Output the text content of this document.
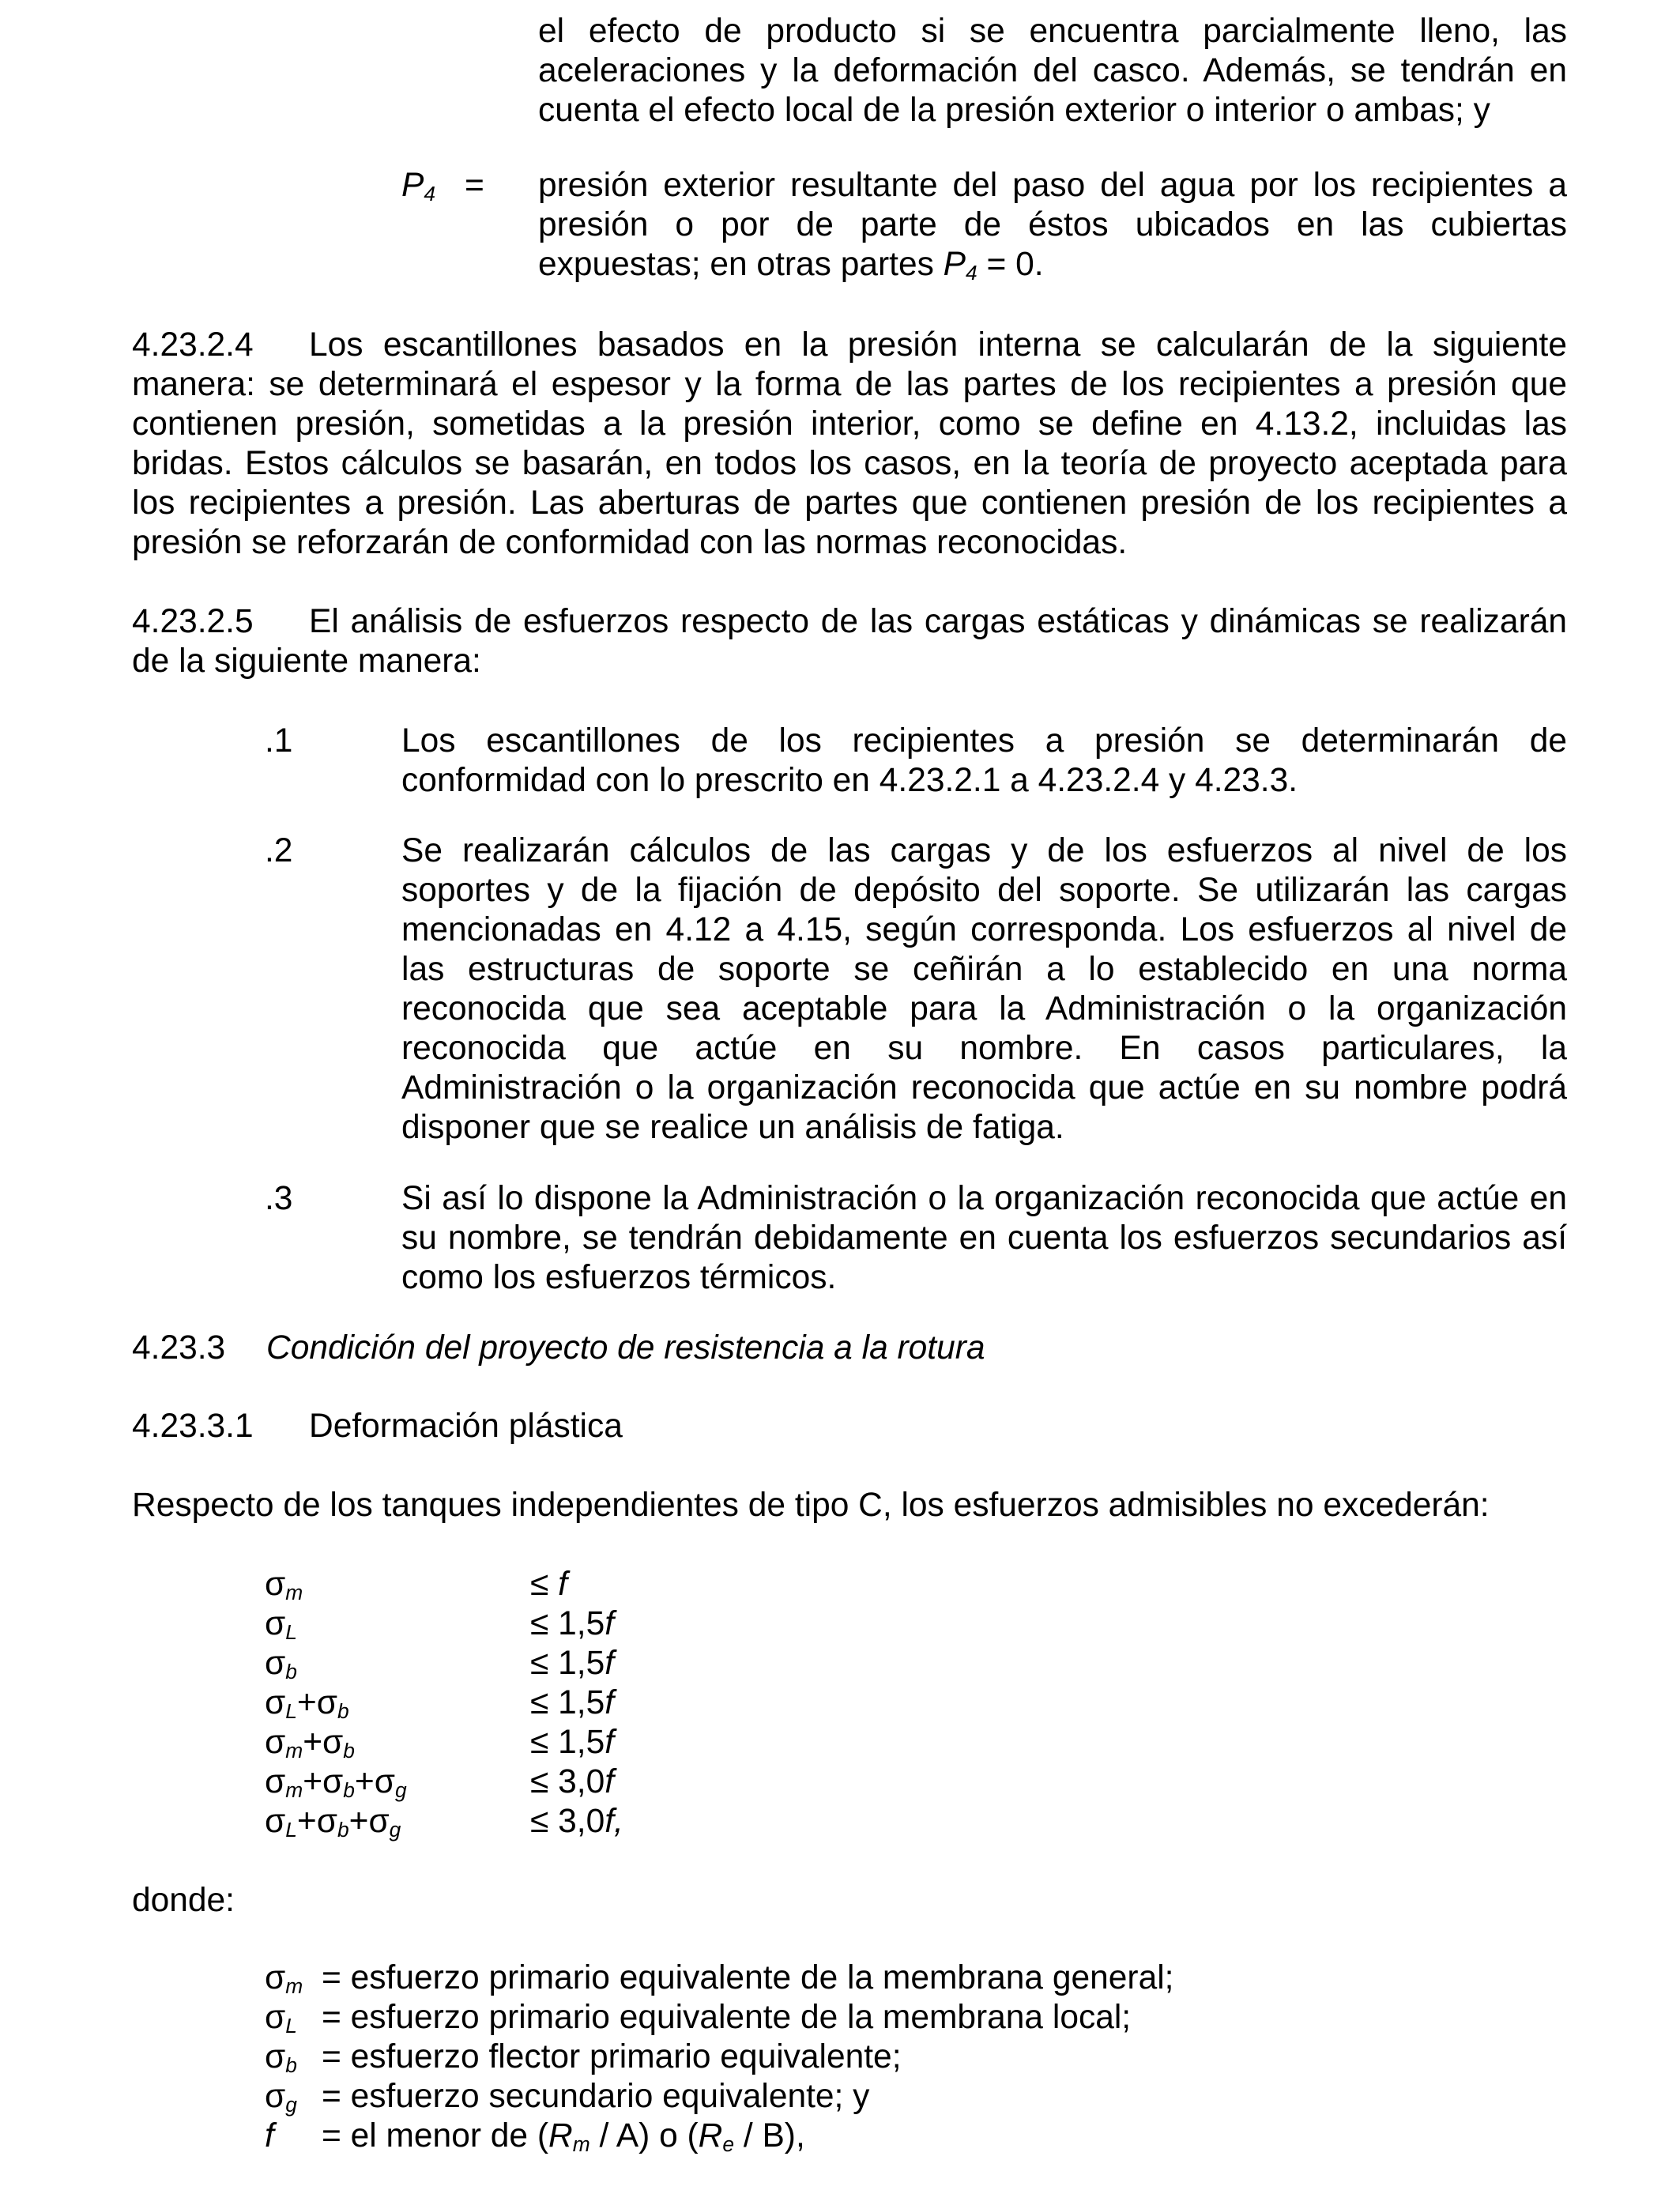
el efecto de producto si se encuentra parcialmente lleno, las
aceleraciones y la deformación del casco. Además, se tendrán en
cuenta el efecto local de la presión exterior o interior o ambas; y
$P_4$ = presión exterior resultante del paso del agua por los recipientes a
presión o por de parte de éstos ubicados en las cubiertas
expuestas; en otras partes $P_4 = 0$.
4.23.2.4 Los escantillones basados en la presión interna se calcularán de la siguiente
manera: se determinará el espesor y la forma de las partes de los recipientes a presión que
contienen presión, sometidas a la presión interior, como se define en 4.13.2, incluidas las
bridas. Estos cálculos se basarán, en todos los casos, en la teoría de proyecto aceptada para
los recipientes a presión. Las aberturas de partes que contienen presión de los recipientes a
presión se reforzarán de conformidad con las normas reconocidas.
4.23.2.5 El análisis de esfuerzos respecto de las cargas estáticas y dinámicas se realizarán
de la siguiente manera:
.1	Los escantillones de los recipientes a presión se determinarán de
conformidad con lo prescrito en 4.23.2.1 a 4.23.2.4 y 4.23.3.
.2	Se realizarán cálculos de las cargas y de los esfuerzos al nivel de los
soportes y de la fijación de depósito del soporte. Se utilizarán las cargas
mencionadas en 4.12 a 4.15, según corresponda. Los esfuerzos al nivel de
las estructuras de soporte se ceñirán a lo establecido en una norma
reconocida que sea aceptable para la Administración o la organización
reconocida que actúe en su nombre. En casos particulares, la
Administración o la organización reconocida que actúe en su nombre podrá
disponer que se realice un análisis de fatiga.
.3	Si así lo dispone la Administración o la organización reconocida que actúe en
su nombre, se tendrán debidamente en cuenta los esfuerzos secundarios así
como los esfuerzos térmicos.
4.23.3 Condición del proyecto de resistencia a la rotura
4.23.3.1 Deformación plástica
Respecto de los tanques independientes de tipo C, los esfuerzos admisibles no excederán:
$\sigma_m$	≤ f
$\sigma_L$	≤ 1,5f
$\sigma_b$	≤ 1,5f
$\sigma_L+\sigma_b$	≤ 1,5f
$\sigma_m+\sigma_b$	≤ 1,5f
$\sigma_m+\sigma_b+\sigma_g$	≤ 3,0f
$\sigma_L+\sigma_b+\sigma_g$	≤ 3,0f,
donde:
$\sigma_m$ = esfuerzo primario equivalente de la membrana general;
$\sigma_L$ = esfuerzo primario equivalente de la membrana local;
$\sigma_b$ = esfuerzo flector primario equivalente;
$\sigma_g$ = esfuerzo secundario equivalente; y
f = el menor de $(R_m / A)$ o $(R_e / B)$,
